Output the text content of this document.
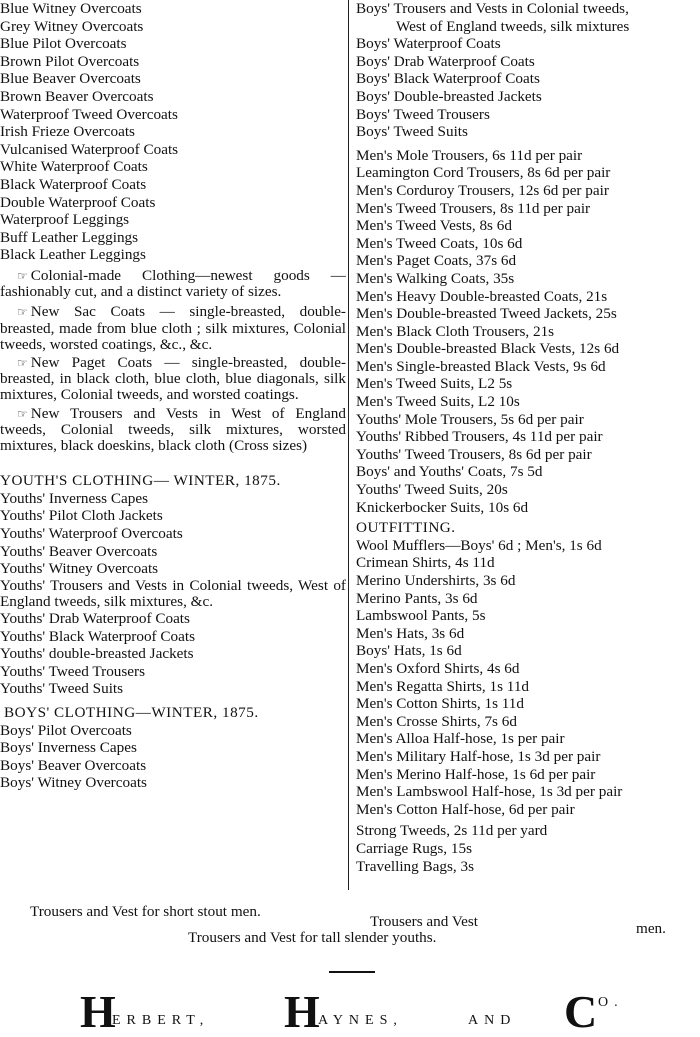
Blue Witney Overcoats
Grey Witney Overcoats
Blue Pilot Overcoats
Brown Pilot Overcoats
Blue Beaver Overcoats
Brown Beaver Overcoats
Waterproof Tweed Overcoats
Irish Frieze Overcoats
Vulcanised Waterproof Coats
White Waterproof Coats
Black Waterproof Coats
Double Waterproof Coats
Waterproof Leggings
Buff Leather Leggings
Black Leather Leggings
☞ Colonial-made Clothing—newest goods —fashionably cut, and a distinct variety of sizes.
☞ New Sac Coats — single-breasted, double-breasted, made from blue cloth ; silk mixtures, Colonial tweeds, worsted coatings, &c., &c.
☞ New Paget Coats — single-breasted, double-breasted, in black cloth, blue cloth, blue diagonals, silk mixtures, Colonial tweeds, and worsted coatings.
☞ New Trousers and Vests in West of England tweeds, Colonial tweeds, silk mixtures, worsted mixtures, black doeskins, black cloth (Cross sizes)
YOUTH'S CLOTHING— WINTER, 1875.
Youths' Inverness Capes
Youths' Pilot Cloth Jackets
Youths' Waterproof Overcoats
Youths' Beaver Overcoats
Youths' Witney Overcoats
Youths' Trousers and Vests in Colonial tweeds, West of England tweeds, silk mixtures, &c.
Youths' Drab Waterproof Coats
Youths' Black Waterproof Coats
Youths' double-breasted Jackets
Youths' Tweed Trousers
Youths' Tweed Suits
BOYS' CLOTHING—WINTER, 1875.
Boys' Pilot Overcoats
Boys' Inverness Capes
Boys' Beaver Overcoats
Boys' Witney Overcoats
Boys' Trousers and Vests in Colonial tweeds,
West of England tweeds, silk mixtures
Boys' Waterproof Coats
Boys' Drab Waterproof Coats
Boys' Black Waterproof Coats
Boys' Double-breasted Jackets
Boys' Tweed Trousers
Boys' Tweed Suits
Men's Mole Trousers, 6s 11d per pair
Leamington Cord Trousers, 8s 6d per pair
Men's Corduroy Trousers, 12s 6d per pair
Men's Tweed Trousers, 8s 11d per pair
Men's Tweed Vests, 8s 6d
Men's Tweed Coats, 10s 6d
Men's Paget Coats, 37s 6d
Men's Walking Coats, 35s
Men's Heavy Double-breasted Coats, 21s
Men's Double-breasted Tweed Jackets, 25s
Men's Black Cloth Trousers, 21s
Men's Double-breasted Black Vests, 12s 6d
Men's Single-breasted Black Vests, 9s 6d
Men's Tweed Suits, L2 5s
Men's Tweed Suits, L2 10s
Youths' Mole Trousers, 5s 6d per pair
Youths' Ribbed Trousers, 4s 11d per pair
Youths' Tweed Trousers, 8s 6d per pair
Boys' and Youths' Coats, 7s 5d
Youths' Tweed Suits, 20s
Knickerbocker Suits, 10s 6d
OUTFITTING.
Wool Mufflers—Boys' 6d ; Men's, 1s 6d
Crimean Shirts, 4s 11d
Merino Undershirts, 3s 6d
Merino Pants, 3s 6d
Lambswool Pants, 5s
Men's Hats, 3s 6d
Boys' Hats, 1s 6d
Men's Oxford Shirts, 4s 6d
Men's Regatta Shirts, 1s 11d
Men's Cotton Shirts, 1s 11d
Men's Crosse Shirts, 7s 6d
Men's Alloa Half-hose, 1s per pair
Men's Military Half-hose, 1s 3d per pair
Men's Merino Half-hose, 1s 6d per pair
Men's Lambswool Half-hose, 1s 3d per pair
Men's Cotton Half-hose, 6d per pair
Strong Tweeds, 2s 11d per yard
Carriage Rugs, 15s
Travelling Bags, 3s
Trousers and Vest for short stout men.
Trousers and Vest	men.
Trousers and Vest for tall slender youths.
H
ERBERT, H
AYNES,	AND C O.
